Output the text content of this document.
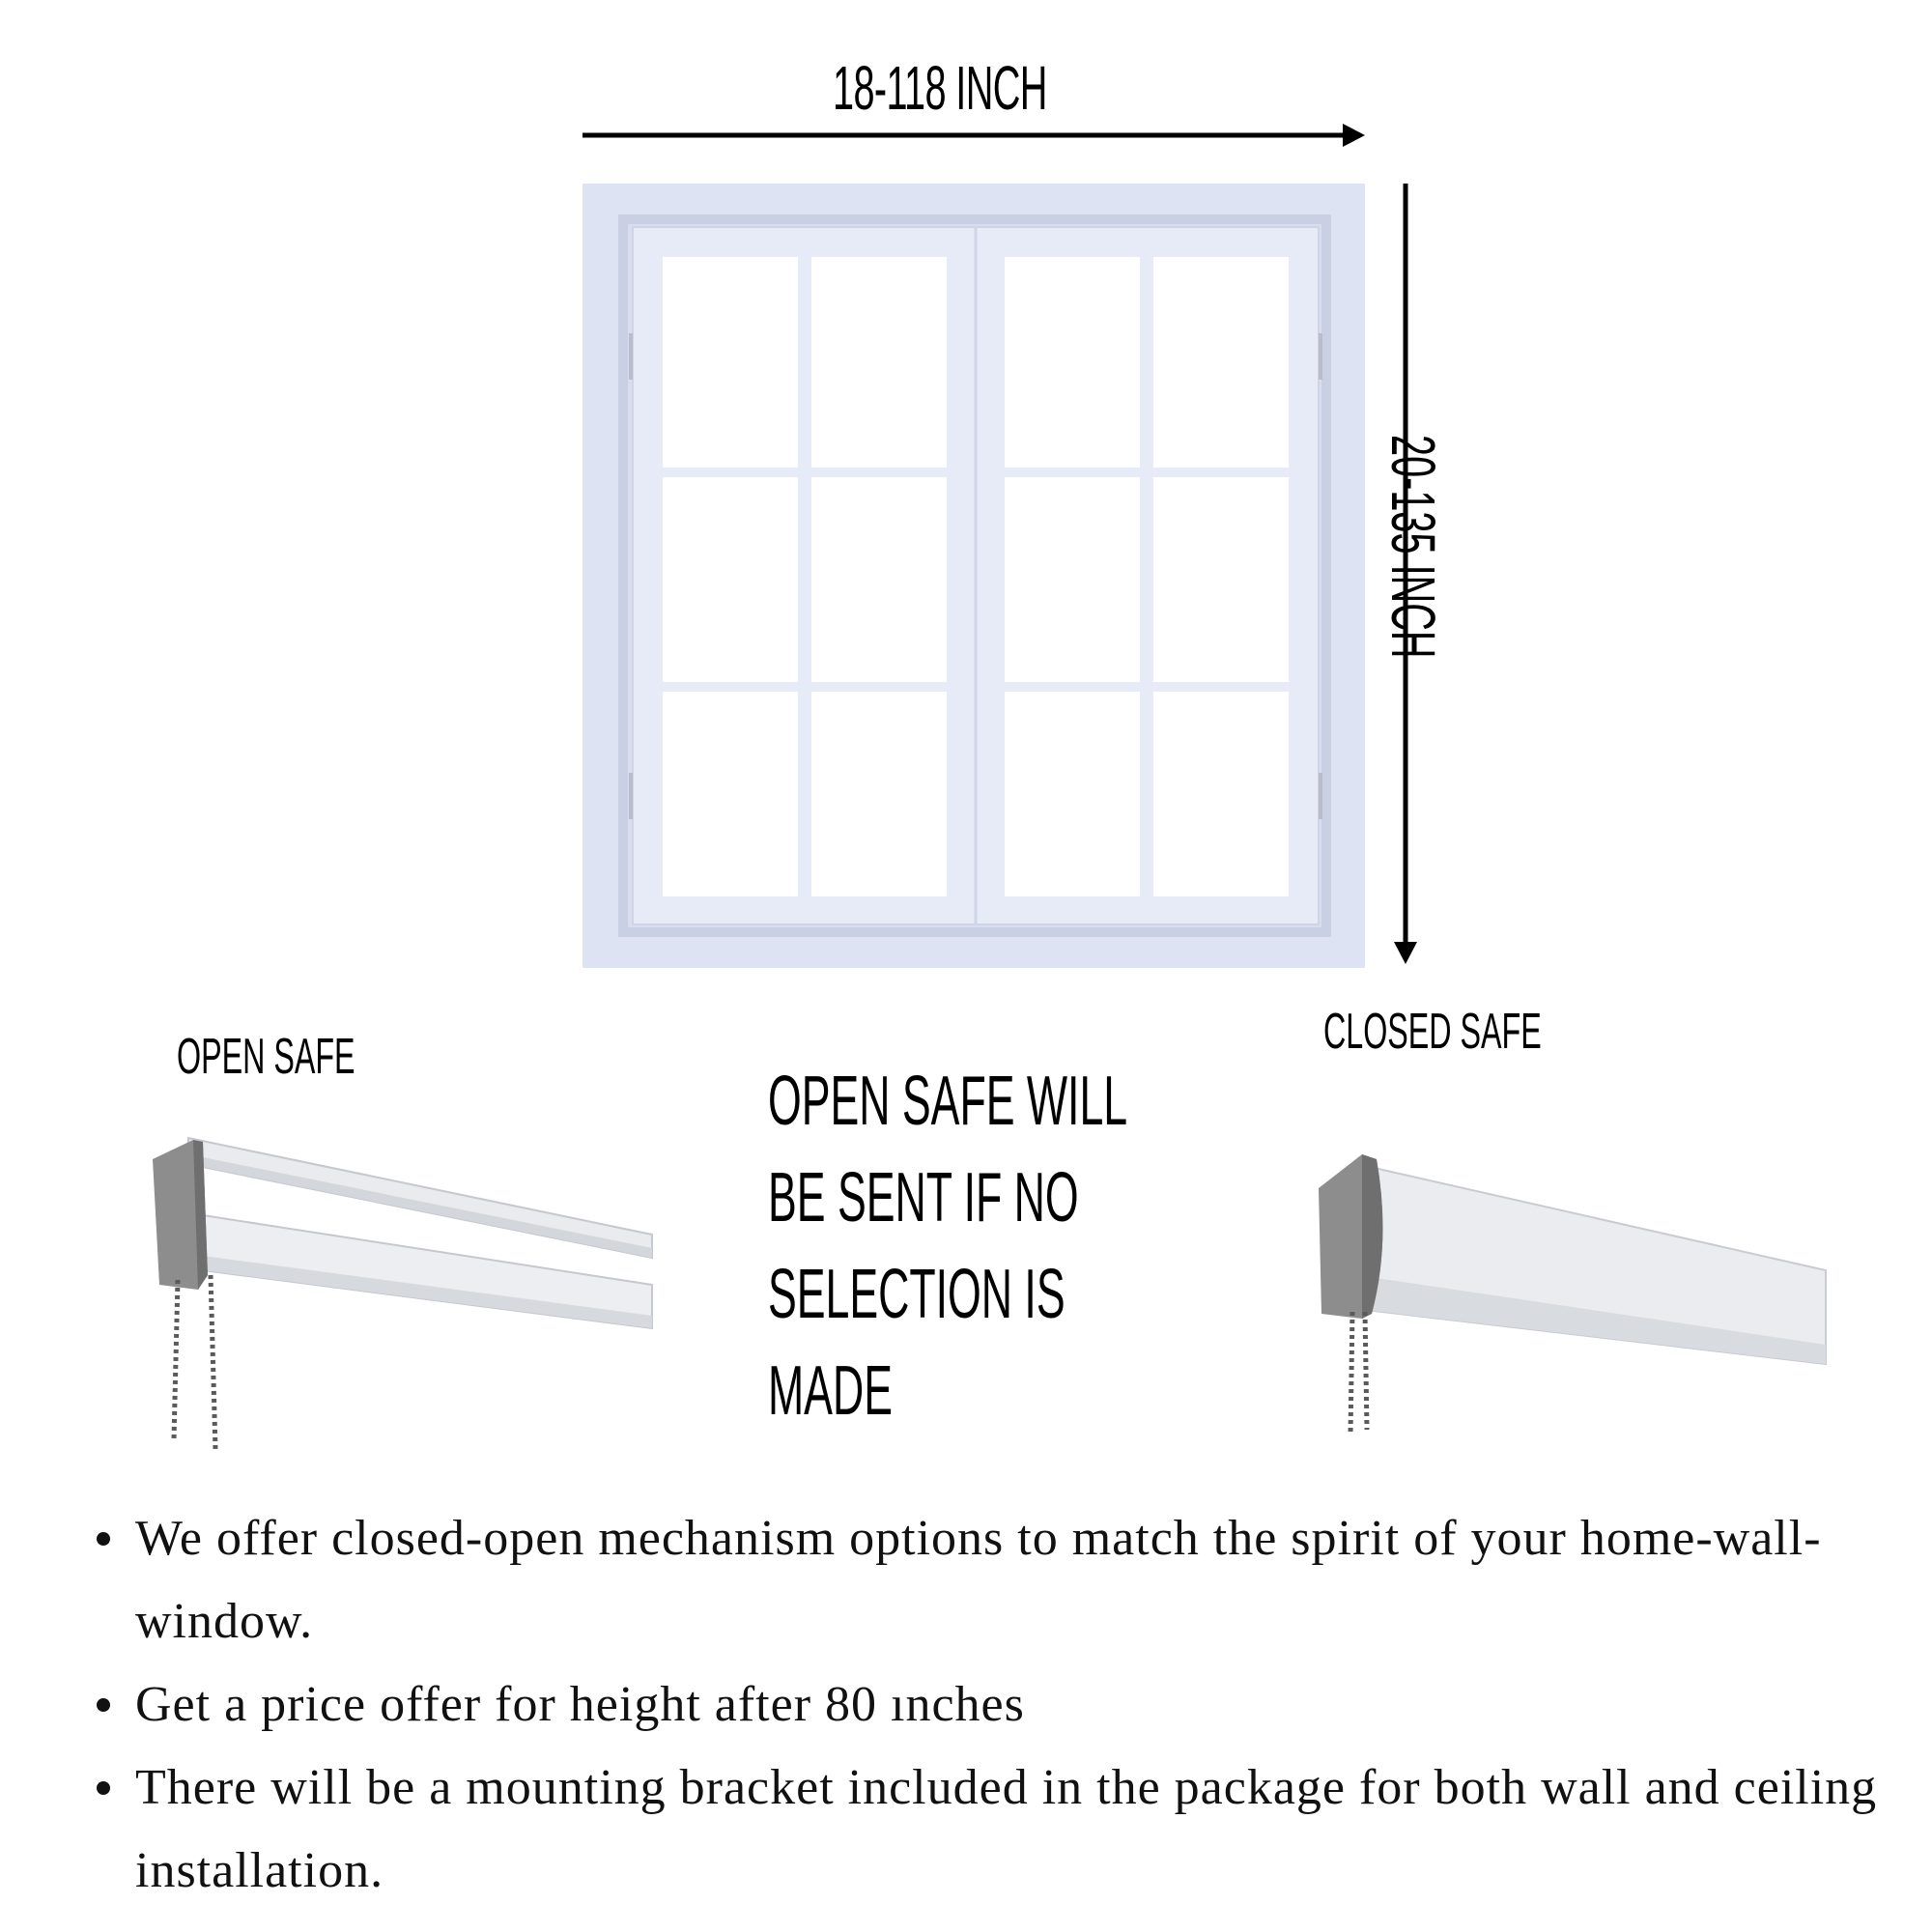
18-118 INCH
20-135 INCH
OPEN SAFE	CLOSED SAFE
OPEN SAFE WILL
BE SENT IF NO
SELECTION IS
MADE
We offer closed-open mechanism options to match the spirit of your home-wall-window.
Get a price offer for height after 80 ınches
There will be a mounting bracket included in the package for both wall and ceiling installation.
